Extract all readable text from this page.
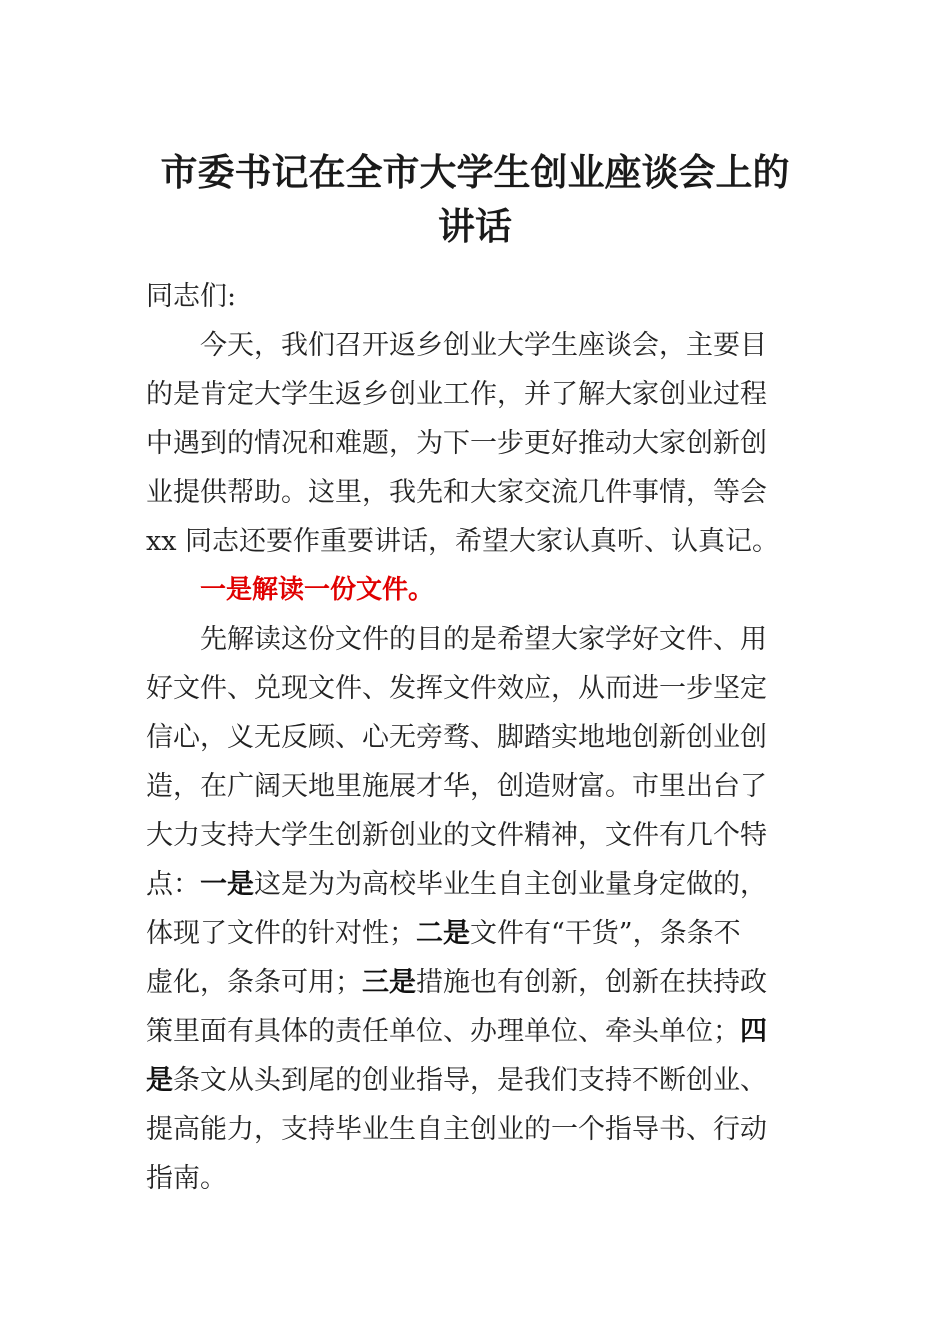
市委书记在全市大学生创业座谈会上的
讲话
同志们:
今天，我们召开返乡创业大学生座谈会，主要目
的是肯定大学生返乡创业工作，并了解大家创业过程
中遇到的情况和难题，为下一步更好推动大家创新创
业提供帮助。这里，我先和大家交流几件事情，等会
xx 同志还要作重要讲话，希望大家认真听、认真记。
一是解读一份文件。
先解读这份文件的目的是希望大家学好文件、用
好文件、兑现文件、发挥文件效应，从而进一步坚定
信心，义无反顾、心无旁骛、脚踏实地地创新创业创
造，在广阔天地里施展才华，创造财富。市里出台了
大力支持大学生创新创业的文件精神，文件有几个特
点：一是这是为为高校毕业生自主创业量身定做的，
体现了文件的针对性；二是文件有“干货”，条条不
虚化，条条可用；三是措施也有创新，创新在扶持政
策里面有具体的责任单位、办理单位、牵头单位；四
是条文从头到尾的创业指导，是我们支持不断创业、
提高能力，支持毕业生自主创业的一个指导书、行动
指南。
